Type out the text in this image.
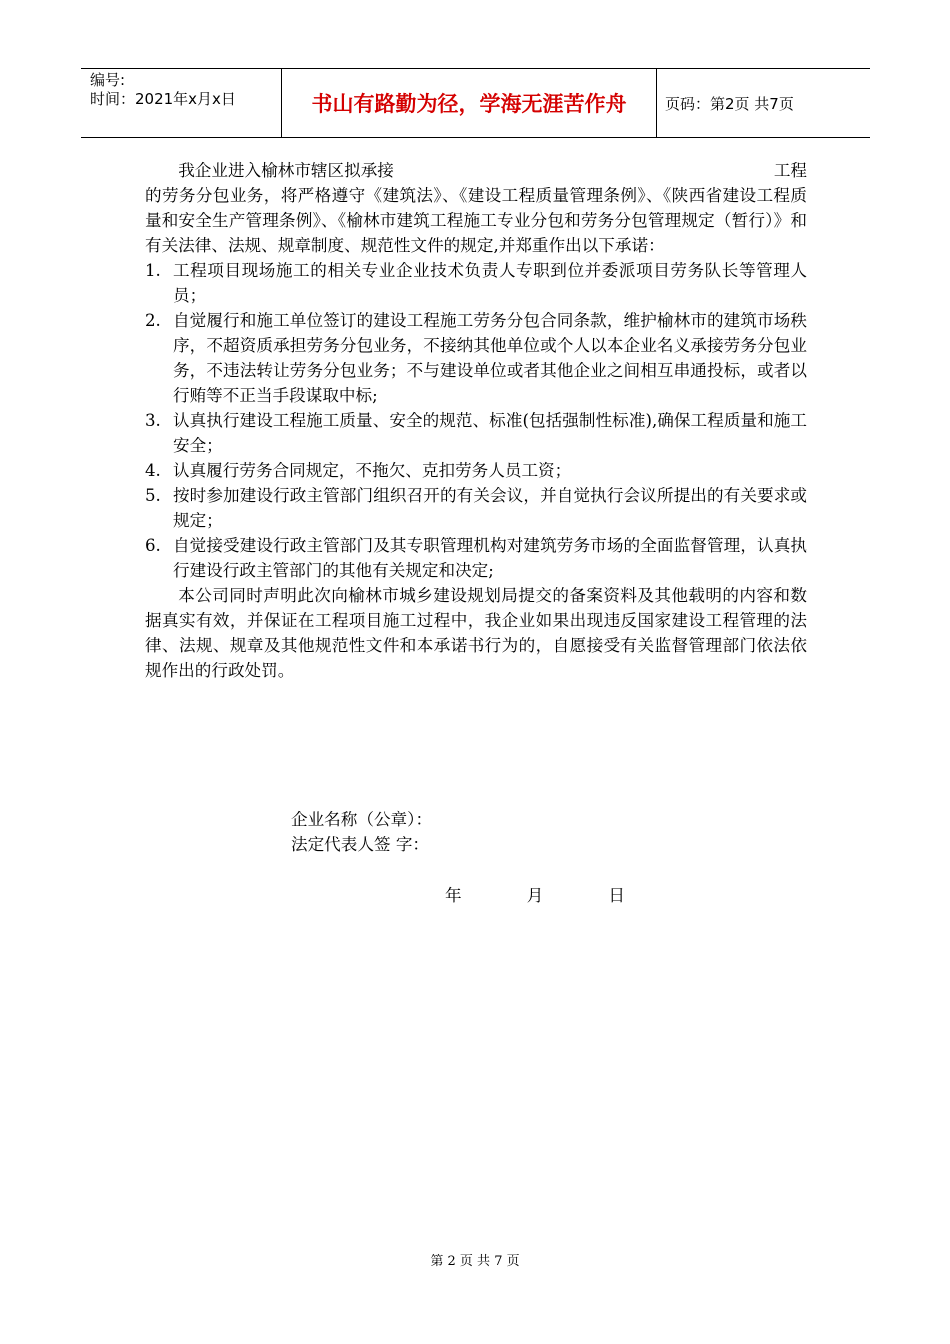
编号:
时间：2021年x月x日	书山有路勤为径，学海无涯苦作舟	页码：第2页 共7页
我企业进入榆林市辖区拟承接	工程

的劳务分包业务，将严格遵守《建筑法》、《建设工程质量管理条例》、《陕西省建设工程质量和安全生产管理条例》、《榆林市建筑工程施工专业分包和劳务分包管理规定（暂行）》和有关法律、法规、规章制度、规范性文件的规定,并郑重作出以下承诺：

1. 工程项目现场施工的相关专业企业技术负责人专职到位并委派项目劳务队长等管理人员；
2. 自觉履行和施工单位签订的建设工程施工劳务分包合同条款，维护榆林市的建筑市场秩序，不超资质承担劳务分包业务，不接纳其他单位或个人以本企业名义承接劳务分包业务，不违法转让劳务分包业务；不与建设单位或者其他企业之间相互串通投标，或者以行贿等不正当手段谋取中标;
3. 认真执行建设工程施工质量、安全的规范、标准(包括强制性标准),确保工程质量和施工安全；
4. 认真履行劳务合同规定，不拖欠、克扣劳务人员工资；
5. 按时参加建设行政主管部门组织召开的有关会议，并自觉执行会议所提出的有关要求或规定；
6. 自觉接受建设行政主管部门及其专职管理机构对建筑劳务市场的全面监督管理，认真执行建设行政主管部门的其他有关规定和决定;

本公司同时声明此次向榆林市城乡建设规划局提交的备案资料及其他载明的内容和数据真实有效，并保证在工程项目施工过程中，我企业如果出现违反国家建设工程管理的法律、法规、规章及其他规范性文件和本承诺书行为的，自愿接受有关监督管理部门依法依规作出的行政处罚。

企业名称（公章）：
法定代表人签 字：
年	月	日
第 2 页 共 7 页
